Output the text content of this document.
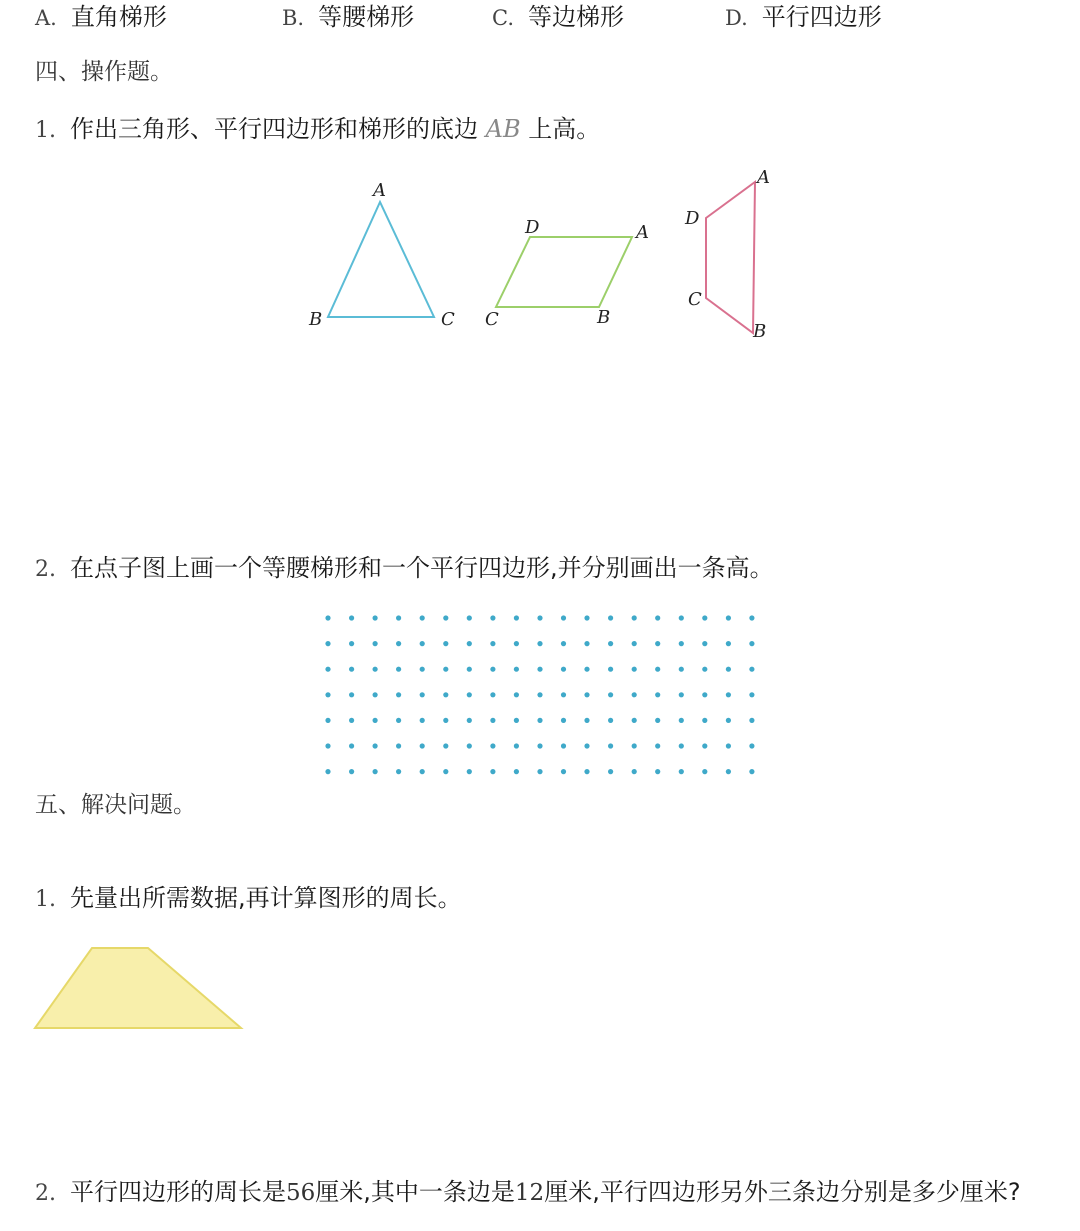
A. 直角梯形	B. 等腰梯形	C. 等边梯形	D. 平行四边形
四、操作题。
1. 作出三角形、平行四边形和梯形的底边 AB 上高。
2. 在点子图上画一个等腰梯形和一个平行四边形,并分别画出一条高。
五、解决问题。
1. 先量出所需数据,再计算图形的周长。
2. 平行四边形的周长是56厘米,其中一条边是12厘米,平行四边形另外三条边分别是多少厘米?
A
B	C
D	A
C	B
A
D
C
B
